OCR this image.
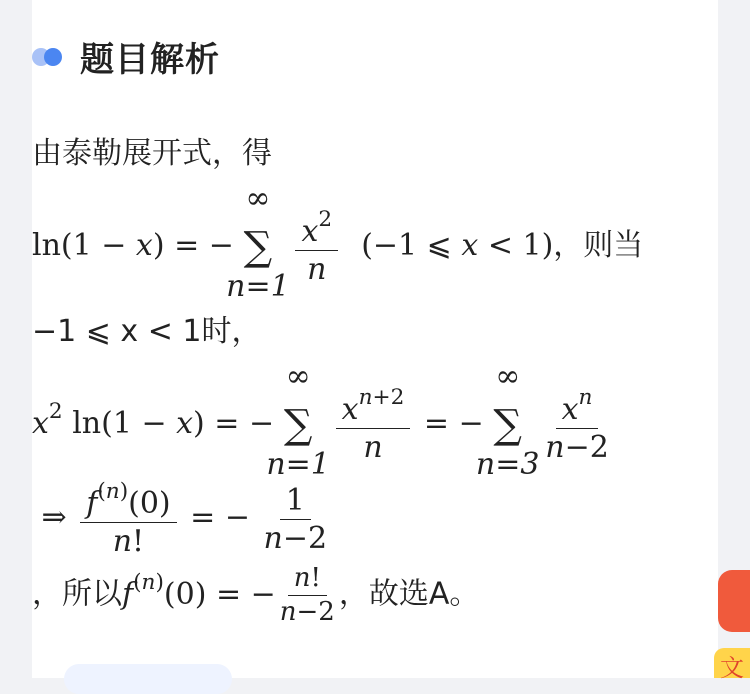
题目解析
由泰勒展开式，得
ln(1 − x) = −
∞
∑
n=1
$\frac{x^2}{n} (-1$ ⩽ x < 1)，则当
−1 ⩽ x < 1时，
$x^2$ ln(1 − x) = −
∞
∑
n=1
$\frac{x^{n+2}}{n}$ = −
∞
∑
n=3
$\frac{x^n}{n-2}$
⇒ $\frac{f^{(n)}(0)}{n!}$ = − $\frac{1}{n-2}$
，所以$f^{(n)}(0)$ = − $\frac{n!}{n-2}$ ，故选A。
文
